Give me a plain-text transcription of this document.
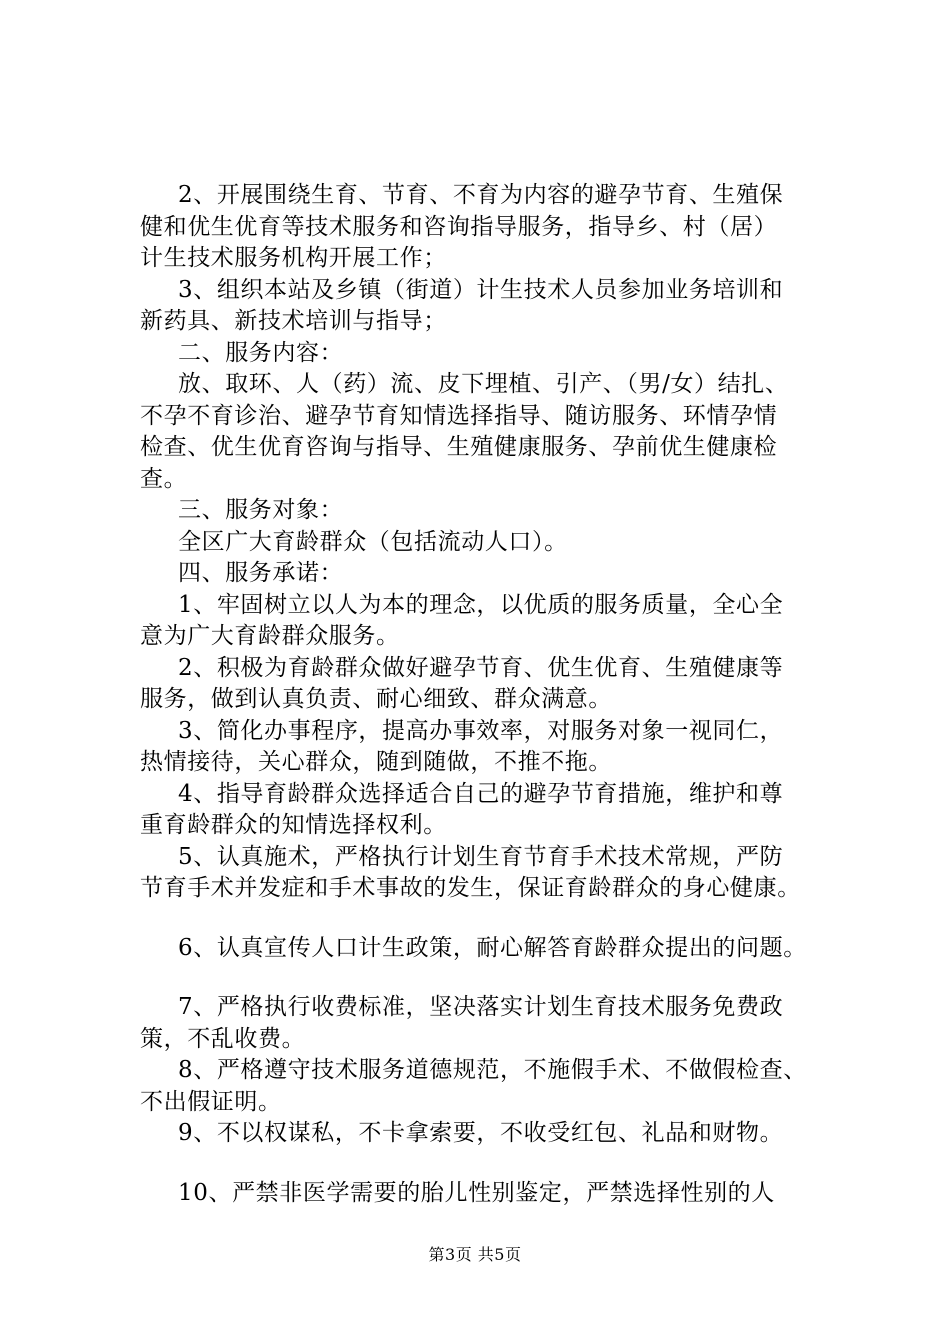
2、开展围绕生育、节育、不育为内容的避孕节育、生殖保
健和优生优育等技术服务和咨询指导服务，指导乡、村（居）
计生技术服务机构开展工作；
3、组织本站及乡镇（街道）计生技术人员参加业务培训和
新药具、新技术培训与指导；
二、服务内容：
放、取环、人（药）流、皮下埋植、引产、（男/女）结扎、
不孕不育诊治、避孕节育知情选择指导、随访服务、环情孕情
检查、优生优育咨询与指导、生殖健康服务、孕前优生健康检
查。
三、服务对象：
全区广大育龄群众（包括流动人口）。
四、服务承诺：
1、牢固树立以人为本的理念，以优质的服务质量，全心全
意为广大育龄群众服务。
2、积极为育龄群众做好避孕节育、优生优育、生殖健康等
服务，做到认真负责、耐心细致、群众满意。
3、简化办事程序，提高办事效率，对服务对象一视同仁，
热情接待，关心群众，随到随做，不推不拖。
4、指导育龄群众选择适合自己的避孕节育措施，维护和尊
重育龄群众的知情选择权利。
5、认真施术，严格执行计划生育节育手术技术常规，严防
节育手术并发症和手术事故的发生，保证育龄群众的身心健康。
6、认真宣传人口计生政策，耐心解答育龄群众提出的问题。
7、严格执行收费标准，坚决落实计划生育技术服务免费政
策，不乱收费。
8、严格遵守技术服务道德规范，不施假手术、不做假检查、
不出假证明。
9、不以权谋私，不卡拿索要，不收受红包、礼品和财物。
10、严禁非医学需要的胎儿性别鉴定，严禁选择性别的人
第3页 共5页
